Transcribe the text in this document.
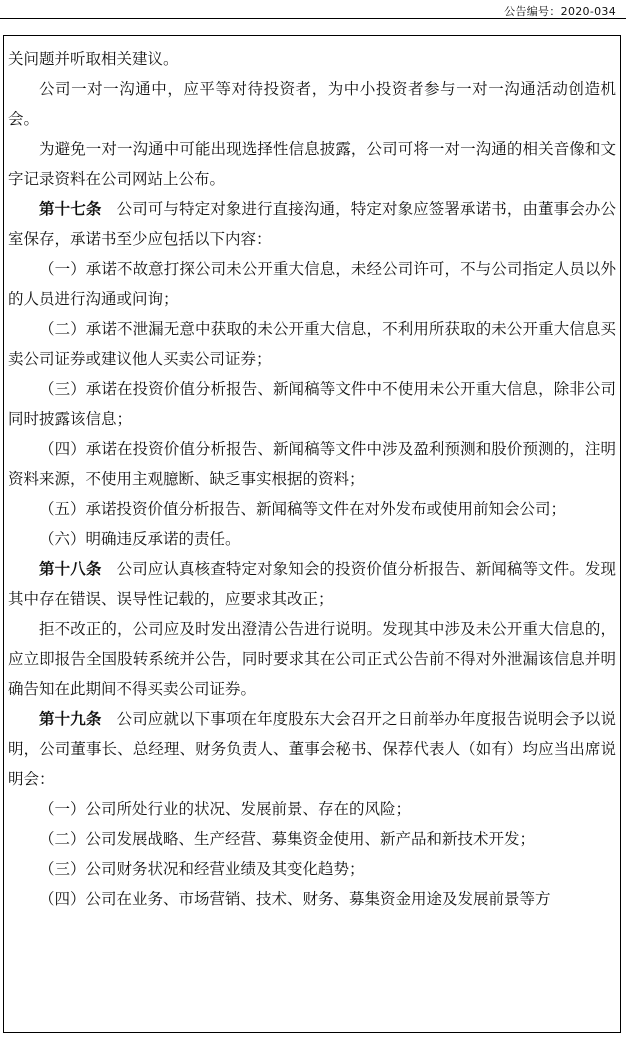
公告编号：2020-034

关问题并听取相关建议。

公司一对一沟通中，应平等对待投资者，为中小投资者参与一对一沟通活动创造机会。

为避免一对一沟通中可能出现选择性信息披露，公司可将一对一沟通的相关音像和文字记录资料在公司网站上公布。

第十七条 公司可与特定对象进行直接沟通，特定对象应签署承诺书，由董事会办公室保存，承诺书至少应包括以下内容：

（一）承诺不故意打探公司未公开重大信息，未经公司许可，不与公司指定人员以外的人员进行沟通或问询；

（二）承诺不泄漏无意中获取的未公开重大信息，不利用所获取的未公开重大信息买卖公司证券或建议他人买卖公司证券；

（三）承诺在投资价值分析报告、新闻稿等文件中不使用未公开重大信息，除非公司同时披露该信息；

（四）承诺在投资价值分析报告、新闻稿等文件中涉及盈利预测和股价预测的，注明资料来源，不使用主观臆断、缺乏事实根据的资料；

（五）承诺投资价值分析报告、新闻稿等文件在对外发布或使用前知会公司；

（六）明确违反承诺的责任。

第十八条 公司应认真核查特定对象知会的投资价值分析报告、新闻稿等文件。发现其中存在错误、误导性记载的，应要求其改正；

拒不改正的，公司应及时发出澄清公告进行说明。发现其中涉及未公开重大信息的，应立即报告全国股转系统并公告，同时要求其在公司正式公告前不得对外泄漏该信息并明确告知在此期间不得买卖公司证券。

第十九条 公司应就以下事项在年度股东大会召开之日前举办年度报告说明会予以说明，公司董事长、总经理、财务负责人、董事会秘书、保荐代表人（如有）均应当出席说明会：

（一）公司所处行业的状况、发展前景、存在的风险；

（二）公司发展战略、生产经营、募集资金使用、新产品和新技术开发；

（三）公司财务状况和经营业绩及其变化趋势；

（四）公司在业务、市场营销、技术、财务、募集资金用途及发展前景等方
